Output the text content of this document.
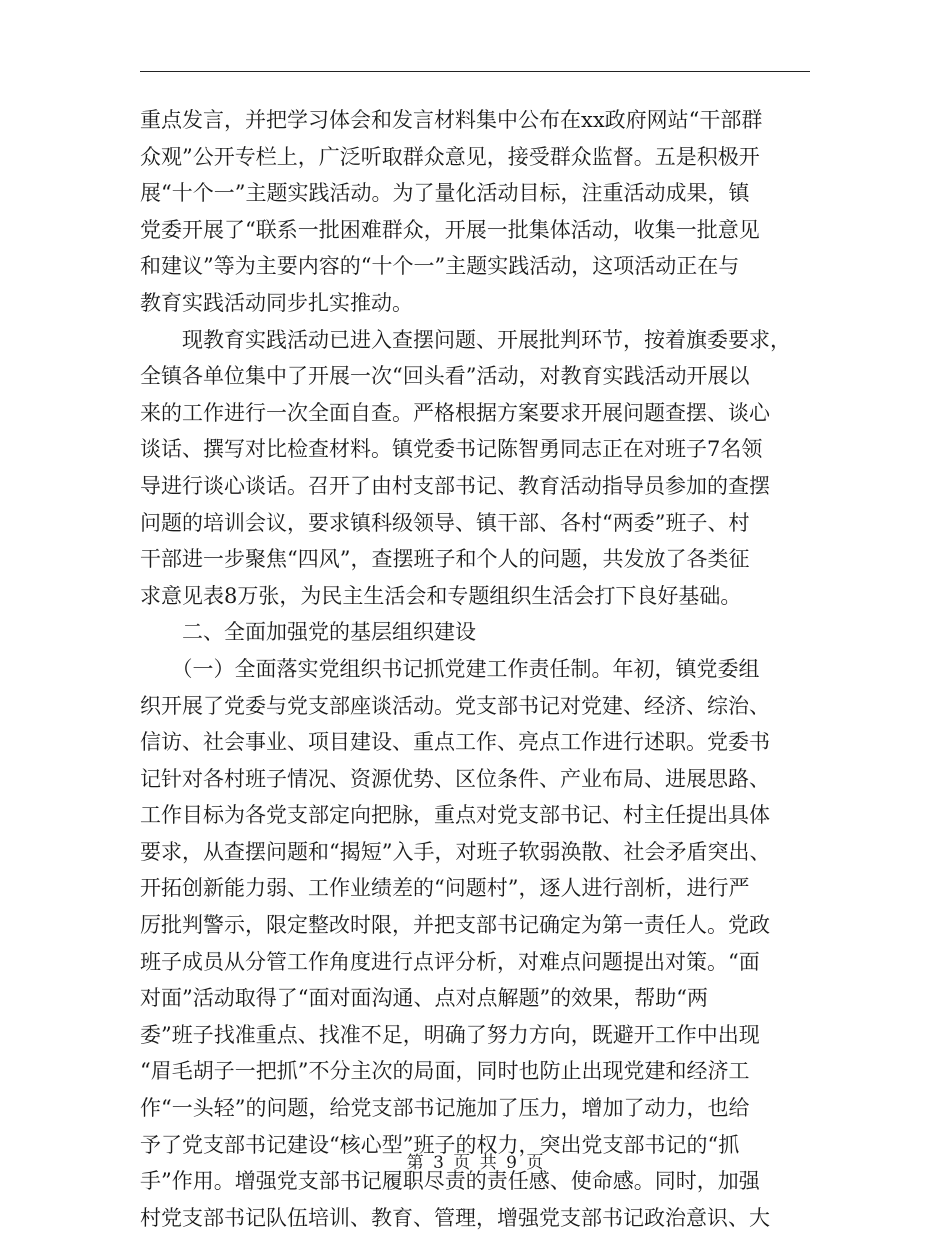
重点发言，并把学习体会和发言材料集中公布在xx政府网站“干部群
众观”公开专栏上，广泛听取群众意见，接受群众监督。五是积极开
展“十个一”主题实践活动。为了量化活动目标，注重活动成果，镇
党委开展了“联系一批困难群众，开展一批集体活动，收集一批意见
和建议”等为主要内容的“十个一”主题实践活动，这项活动正在与
教育实践活动同步扎实推动。
　　现教育实践活动已进入查摆问题、开展批判环节，按着旗委要求，
全镇各单位集中了开展一次“回头看”活动，对教育实践活动开展以
来的工作进行一次全面自查。严格根据方案要求开展问题查摆、谈心
谈话、撰写对比检查材料。镇党委书记陈智勇同志正在对班子7名领
导进行谈心谈话。召开了由村支部书记、教育活动指导员参加的查摆
问题的培训会议，要求镇科级领导、镇干部、各村“两委”班子、村
干部进一步聚焦“四风”，查摆班子和个人的问题，共发放了各类征
求意见表8万张，为民主生活会和专题组织生活会打下良好基础。
　　二、全面加强党的基层组织建设
　　（一）全面落实党组织书记抓党建工作责任制。年初，镇党委组
织开展了党委与党支部座谈活动。党支部书记对党建、经济、综治、
信访、社会事业、项目建设、重点工作、亮点工作进行述职。党委书
记针对各村班子情况、资源优势、区位条件、产业布局、进展思路、
工作目标为各党支部定向把脉，重点对党支部书记、村主任提出具体
要求，从查摆问题和“揭短”入手，对班子软弱涣散、社会矛盾突出、
开拓创新能力弱、工作业绩差的“问题村”，逐人进行剖析，进行严
厉批判警示，限定整改时限，并把支部书记确定为第一责任人。党政
班子成员从分管工作角度进行点评分析，对难点问题提出对策。“面
对面”活动取得了“面对面沟通、点对点解题”的效果，帮助“两
委”班子找准重点、找准不足，明确了努力方向，既避开工作中出现
“眉毛胡子一把抓”不分主次的局面，同时也防止出现党建和经济工
作“一头轻”的问题，给党支部书记施加了压力，增加了动力，也给
予了党支部书记建设“核心型”班子的权力，突出党支部书记的“抓
手”作用。增强党支部书记履职尽责的责任感、使命感。同时，加强
村党支部书记队伍培训、教育、管理，增强党支部书记政治意识、大
第 3 页 共 9 页
